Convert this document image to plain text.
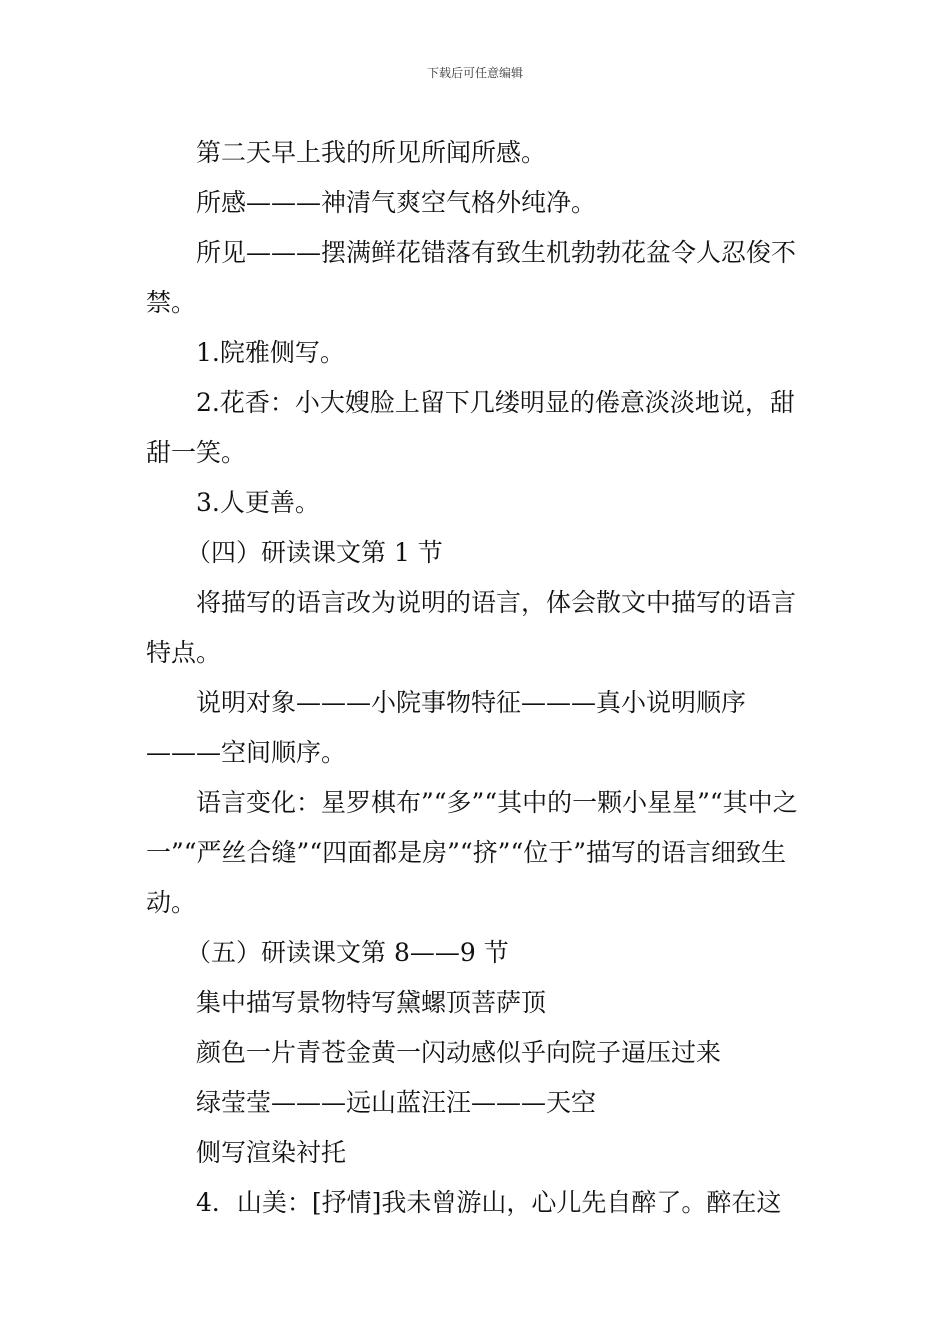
下载后可任意编辑

第二天早上我的所见所闻所感。

所感———神清气爽空气格外纯净。

所见———摆满鲜花错落有致生机勃勃花盆令人忍俊不禁。

1.院雅侧写。

2.花香：小大嫂脸上留下几缕明显的倦意淡淡地说，甜甜一笑。

3.人更善。

（四）研读课文第 1 节

将描写的语言改为说明的语言，体会散文中描写的语言特点。

说明对象———小院事物特征———真小说明顺序———空间顺序。

语言变化：星罗棋布”“多”“其中的一颗小星星”“其中之一”“严丝合缝”“四面都是房”“挤”“位于”描写的语言细致生动。

（五）研读课文第 8——9 节

集中描写景物特写黛螺顶菩萨顶

颜色一片青苍金黄一闪动感似乎向院子逼压过来

绿莹莹———远山蓝汪汪———天空

侧写渲染衬托

4．山美：[抒情]我未曾游山，心儿先自醉了。醉在这
